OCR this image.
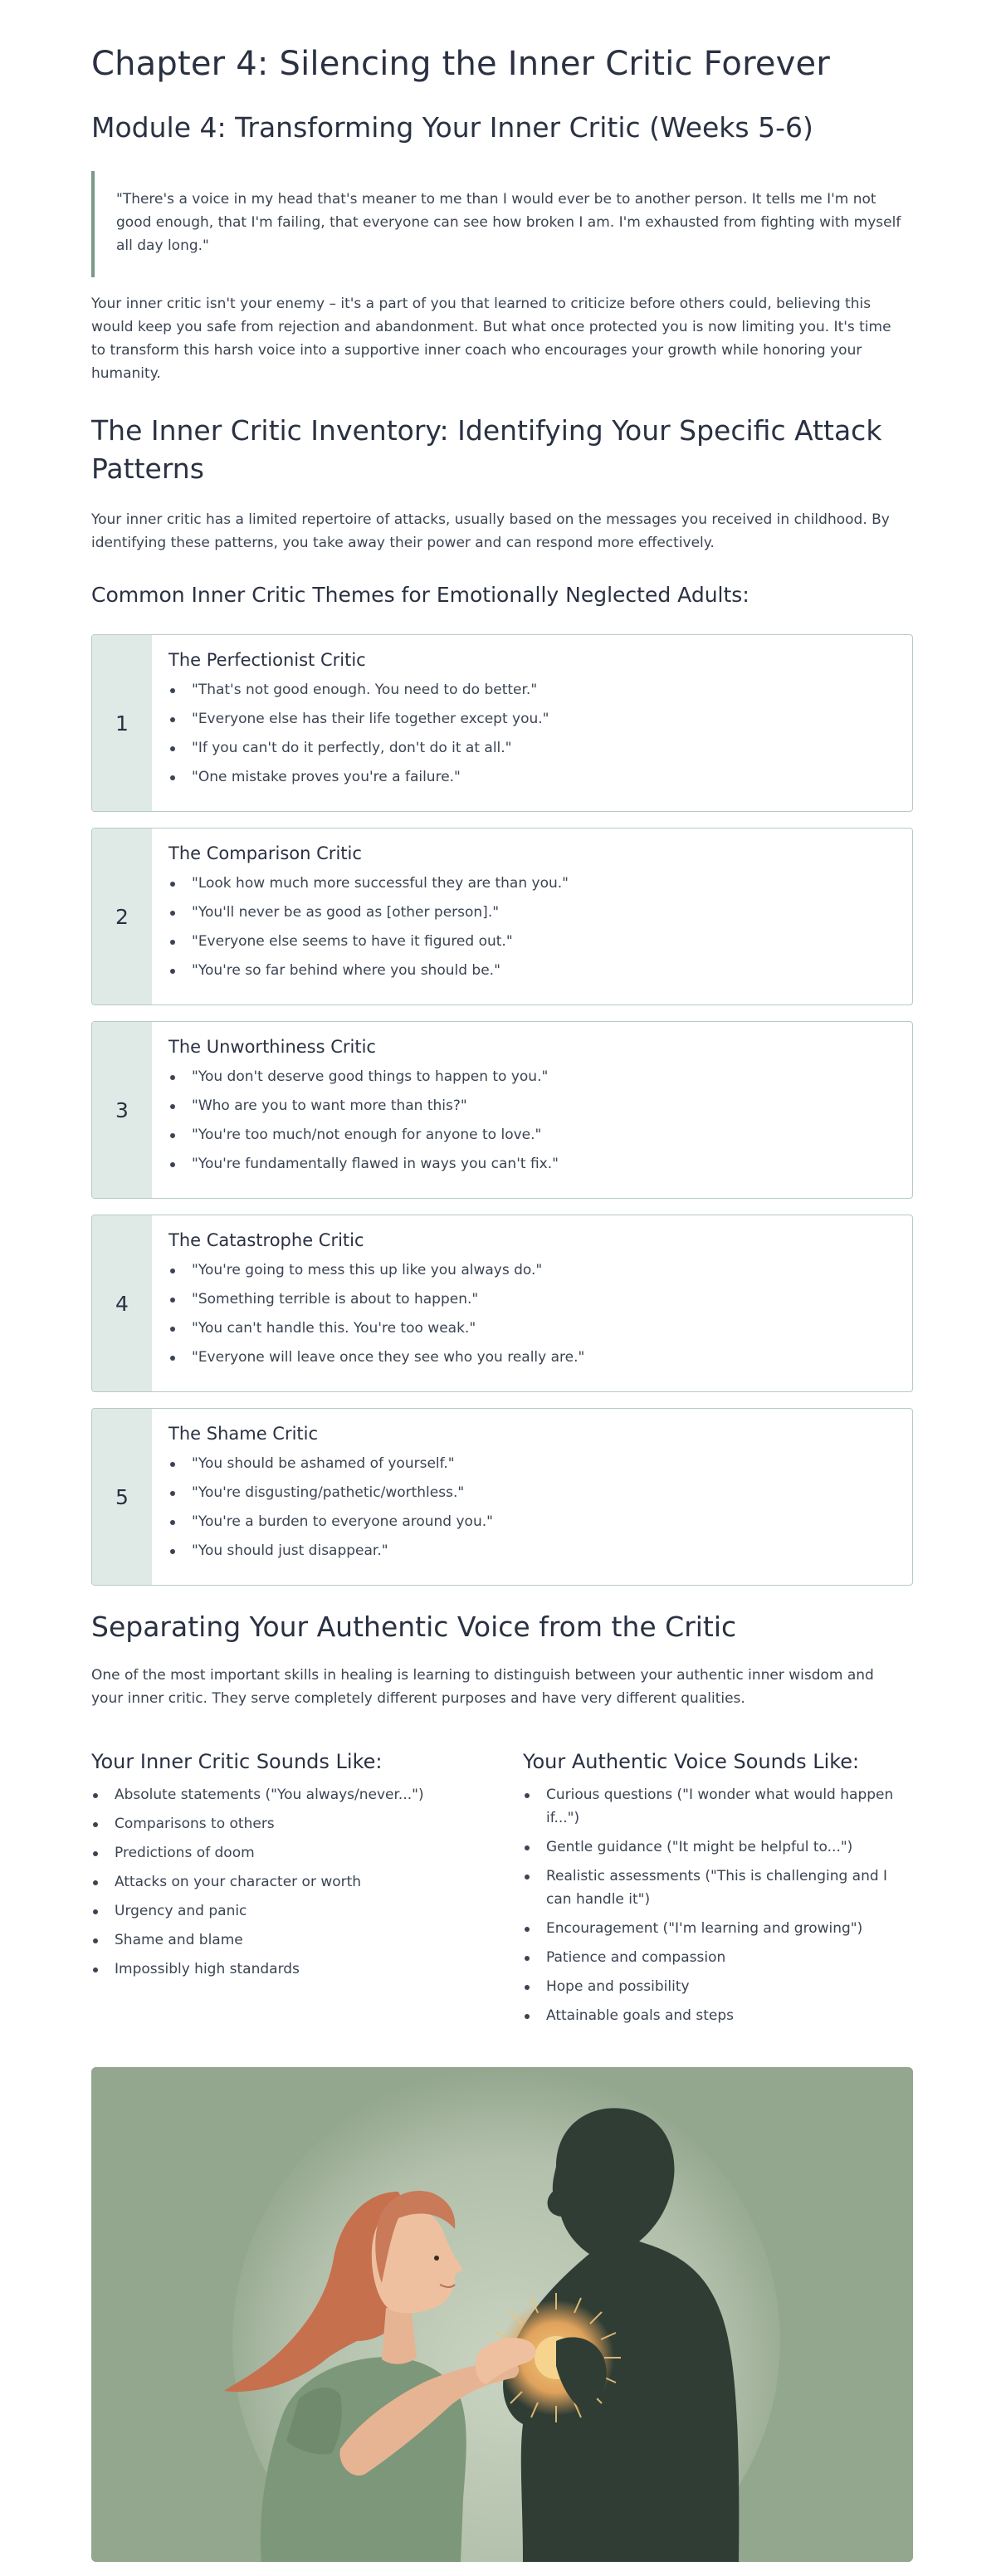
Chapter 4: Silencing the Inner Critic Forever
Module 4: Transforming Your Inner Critic (Weeks 5-6)
"There's a voice in my head that's meaner to me than I would ever be to another person. It tells me I'm not good enough, that I'm failing, that everyone can see how broken I am. I'm exhausted from fighting with myself all day long."

Your inner critic isn't your enemy – it's a part of you that learned to criticize before others could, believing this would keep you safe from rejection and abandonment. But what once protected you is now limiting you. It's time to transform this harsh voice into a supportive inner coach who encourages your growth while honoring your humanity.

The Inner Critic Inventory: Identifying Your Specific Attack Patterns

Your inner critic has a limited repertoire of attacks, usually based on the messages you received in childhood. By identifying these patterns, you take away their power and can respond more effectively.

Common Inner Critic Themes for Emotionally Neglected Adults:
1
The Perfectionist Critic
"That's not good enough. You need to do better."
"Everyone else has their life together except you."
"If you can't do it perfectly, don't do it at all."
"One mistake proves you're a failure."
2
The Comparison Critic
"Look how much more successful they are than you."
"You'll never be as good as [other person]."
"Everyone else seems to have it figured out."
"You're so far behind where you should be."
3
The Unworthiness Critic
"You don't deserve good things to happen to you."
"Who are you to want more than this?"
"You're too much/not enough for anyone to love."
"You're fundamentally flawed in ways you can't fix."
4
The Catastrophe Critic
"You're going to mess this up like you always do."
"Something terrible is about to happen."
"You can't handle this. You're too weak."
"Everyone will leave once they see who you really are."
5
The Shame Critic
"You should be ashamed of yourself."
"You're disgusting/pathetic/worthless."
"You're a burden to everyone around you."
"You should just disappear."
Separating Your Authentic Voice from the Critic

One of the most important skills in healing is learning to distinguish between your authentic inner wisdom and your inner critic. They serve completely different purposes and have very different qualities.

Your Inner Critic Sounds Like:
Absolute statements ("You always/never...")
Comparisons to others
Predictions of doom
Attacks on your character or worth
Urgency and panic
Shame and blame
Impossibly high standards
Your Authentic Voice Sounds Like:
Curious questions ("I wonder what would happen if...")
Gentle guidance ("It might be helpful to...")
Realistic assessments ("This is challenging and I can handle it")
Encouragement ("I'm learning and growing")
Patience and compassion
Hope and possibility
Attainable goals and steps
